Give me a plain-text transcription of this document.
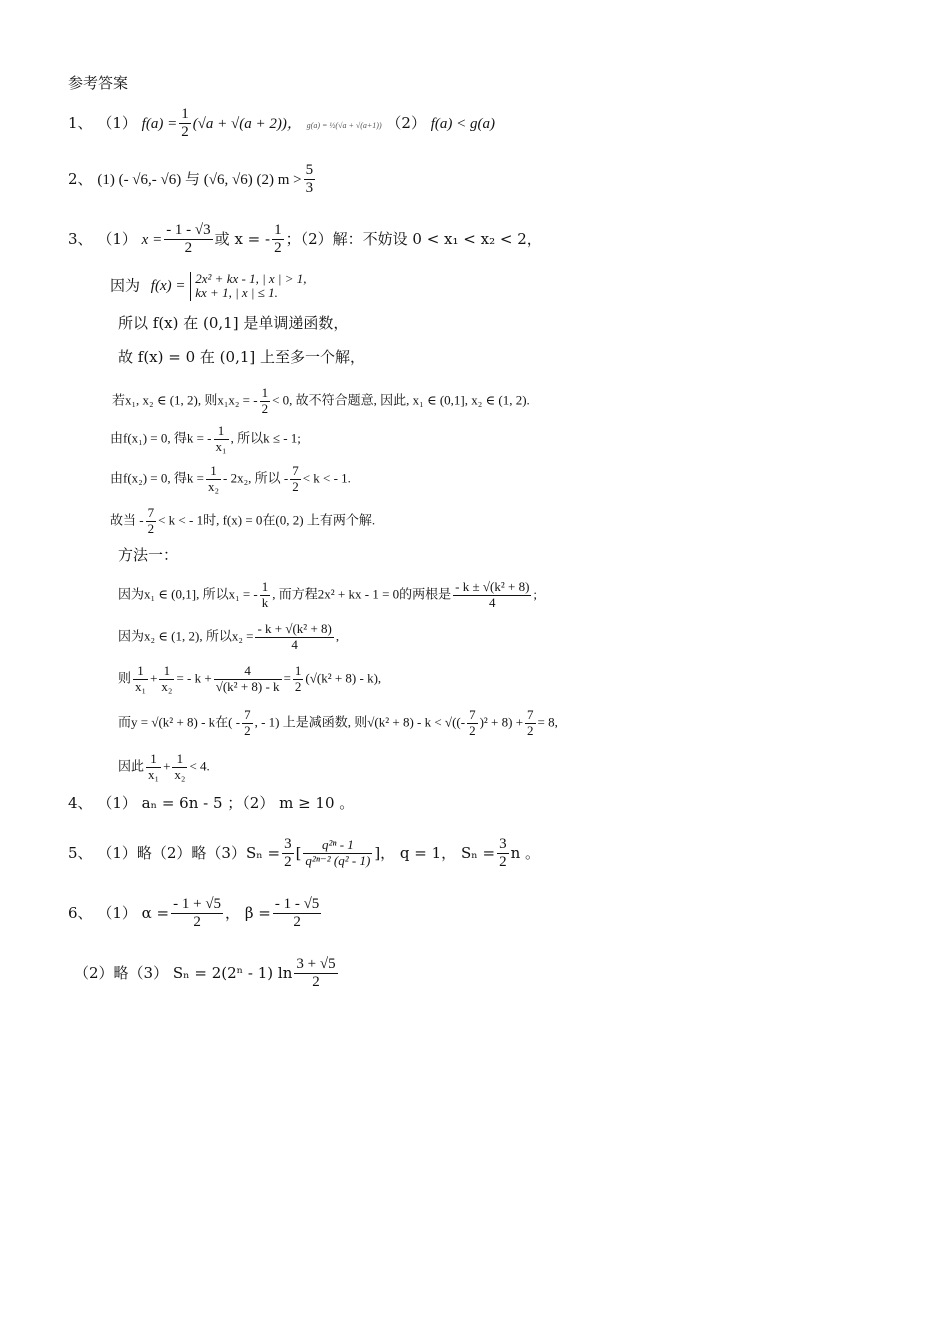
参考答案
1、 （1） $f(a) = \frac{1}{2} (√a + √(a + 2))$， g(a) = ½(√a + √(a+1)) （2） f(a) < g(a)
2、 (1) (- √6,- √6) 与 (√6, √6) (2) $m > \frac{5}{3}$
3、 （1） $x = \frac{- 1 - √3}{2}$ 或 x = - $\frac{1}{2}$ ；（2）解：不妨设 0 < x₁ < x₂ < 2，
因为 f(x) = 2x² + kx - 1, | x | > 1,
kx + 1, | x | ≤ 1.
所以 f(x) 在 (0,1] 是单调递函数，
故 f(x) = 0 在 (0,1] 上至多一个解，
若x₁, x₂ ∈ (1, 2), 则x₁x₂ = - $\frac{1}{2} < 0$, 故不符合题意, 因此, x₁ ∈ (0,1], x₂ ∈ (1, 2).
由f(x₁) = 0, 得k = - $\frac{1}{\text{x₁}}$ , 所以k ≤ - 1;
由f(x₂) = 0, 得$k = \frac{1}{\text{x₂}} - 2x_2$, 所以 - $\frac{7}{2} < k$ < - 1.
故当 - $\frac{7}{2} < k$ < - 1时, f(x) = 0在(0, 2) 上有两个解.
方法一：
因为x₁ ∈ (0,1], 所以x₁ = - $\frac{1}{k}$ , 而方程2x² + kx - 1 = 0的两根是 $\frac{\text{- k ± √(k² + 8)}}{4}$ ;
因为x₂ ∈ (1, 2), 所以$x_2 = \frac{\text{- k + √(k² + 8)}}{4}$ ,
则 $\frac{1}{\text{x₁}} + \frac{1}{\text{x₂}}$ = - $k + \frac{4}{\text{√(k² + 8) - k}} = \frac{1}{2} (√(k^2 + 8) - k)$,
而y = √(k² + 8) - k在( - $\frac{7}{2}$ , - 1) 上是减函数, 则√(k² + 8) - k < √((- $\frac{7}{2} )^2 + 8) + \frac{7}{2} = 8$,
因此 $\frac{1}{\text{x₁}} + \frac{1}{\text{x₂}} < 4$.
4、 （1） aₙ = 6n - 5 ；（2） m ≥ 10 。
5、 （1）略（2）略$(3)S_n = \frac{3}{2}$ [ $\frac{\text{q²ⁿ - 1}}{\text{q²ⁿ⁻² (q² - 1)}}$ ]， q = 1， $S_n = \frac{3}{2}$ n 。
6、 （1） $\alpha = \frac{- 1 + √5}{2}$ ， $\beta = \frac{- 1 - √5}{2}$
（2）略（3） Sₙ = 2(2ⁿ - 1) $\ln \frac{3 + √5}{2}$
